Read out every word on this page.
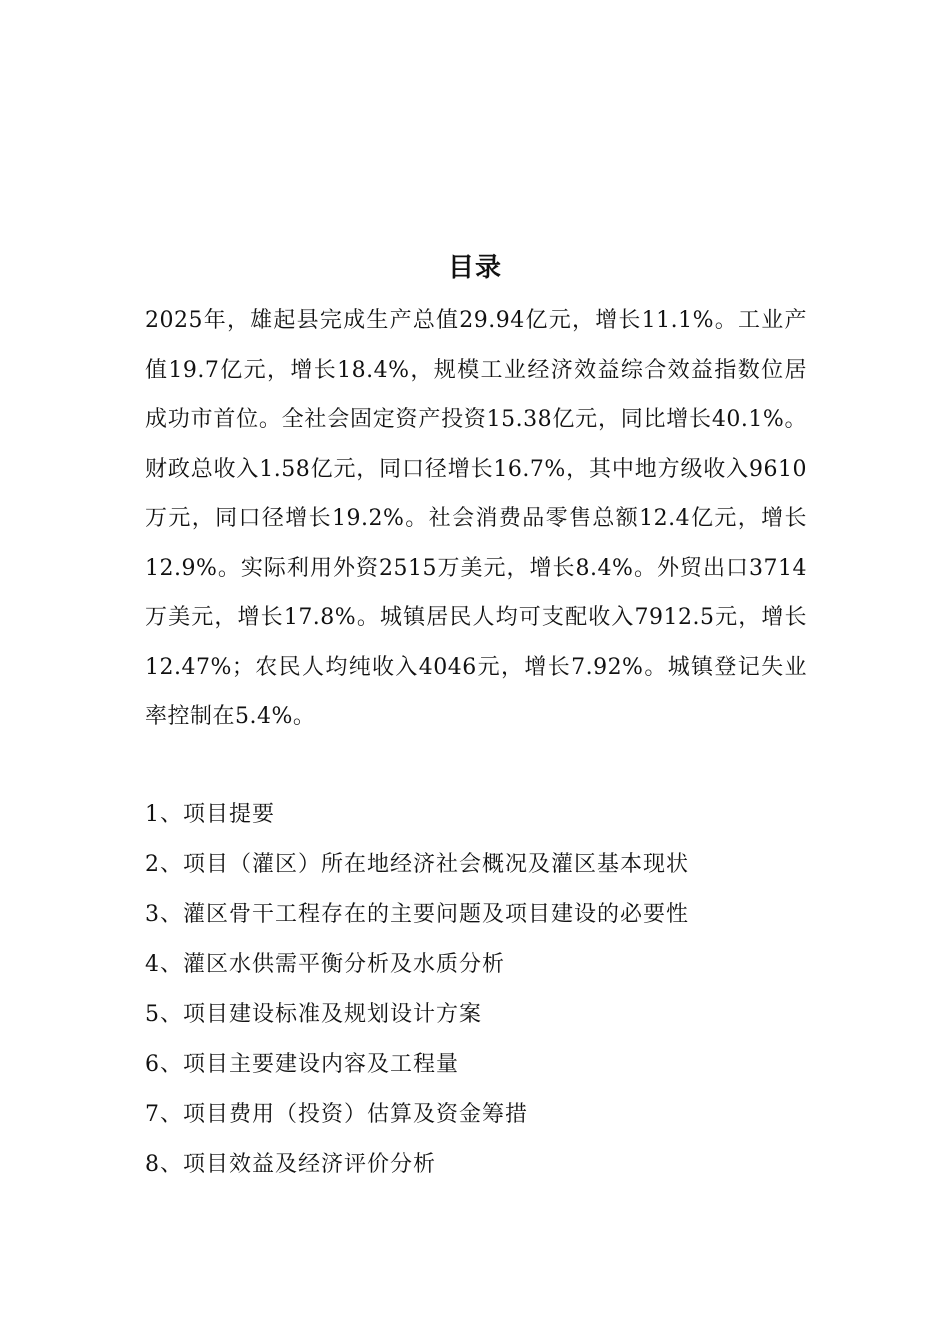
目录

2025年，雄起县完成生产总值29.94亿元，增长11.1%。工业产值19.7亿元，增长18.4%，规模工业经济效益综合效益指数位居成功市首位。全社会固定资产投资15.38亿元，同比增长40.1%。财政总收入1.58亿元，同口径增长16.7%，其中地方级收入9610万元，同口径增长19.2%。社会消费品零售总额12.4亿元，增长12.9%。实际利用外资2515万美元，增长8.4%。外贸出口3714万美元，增长17.8%。城镇居民人均可支配收入7912.5元，增长12.47%；农民人均纯收入4046元，增长7.92%。城镇登记失业率控制在5.4%。

1、项目提要
2、项目（灌区）所在地经济社会概况及灌区基本现状
3、灌区骨干工程存在的主要问题及项目建设的必要性
4、灌区水供需平衡分析及水质分析
5、项目建设标准及规划设计方案
6、项目主要建设内容及工程量
7、项目费用（投资）估算及资金筹措
8、项目效益及经济评价分析
